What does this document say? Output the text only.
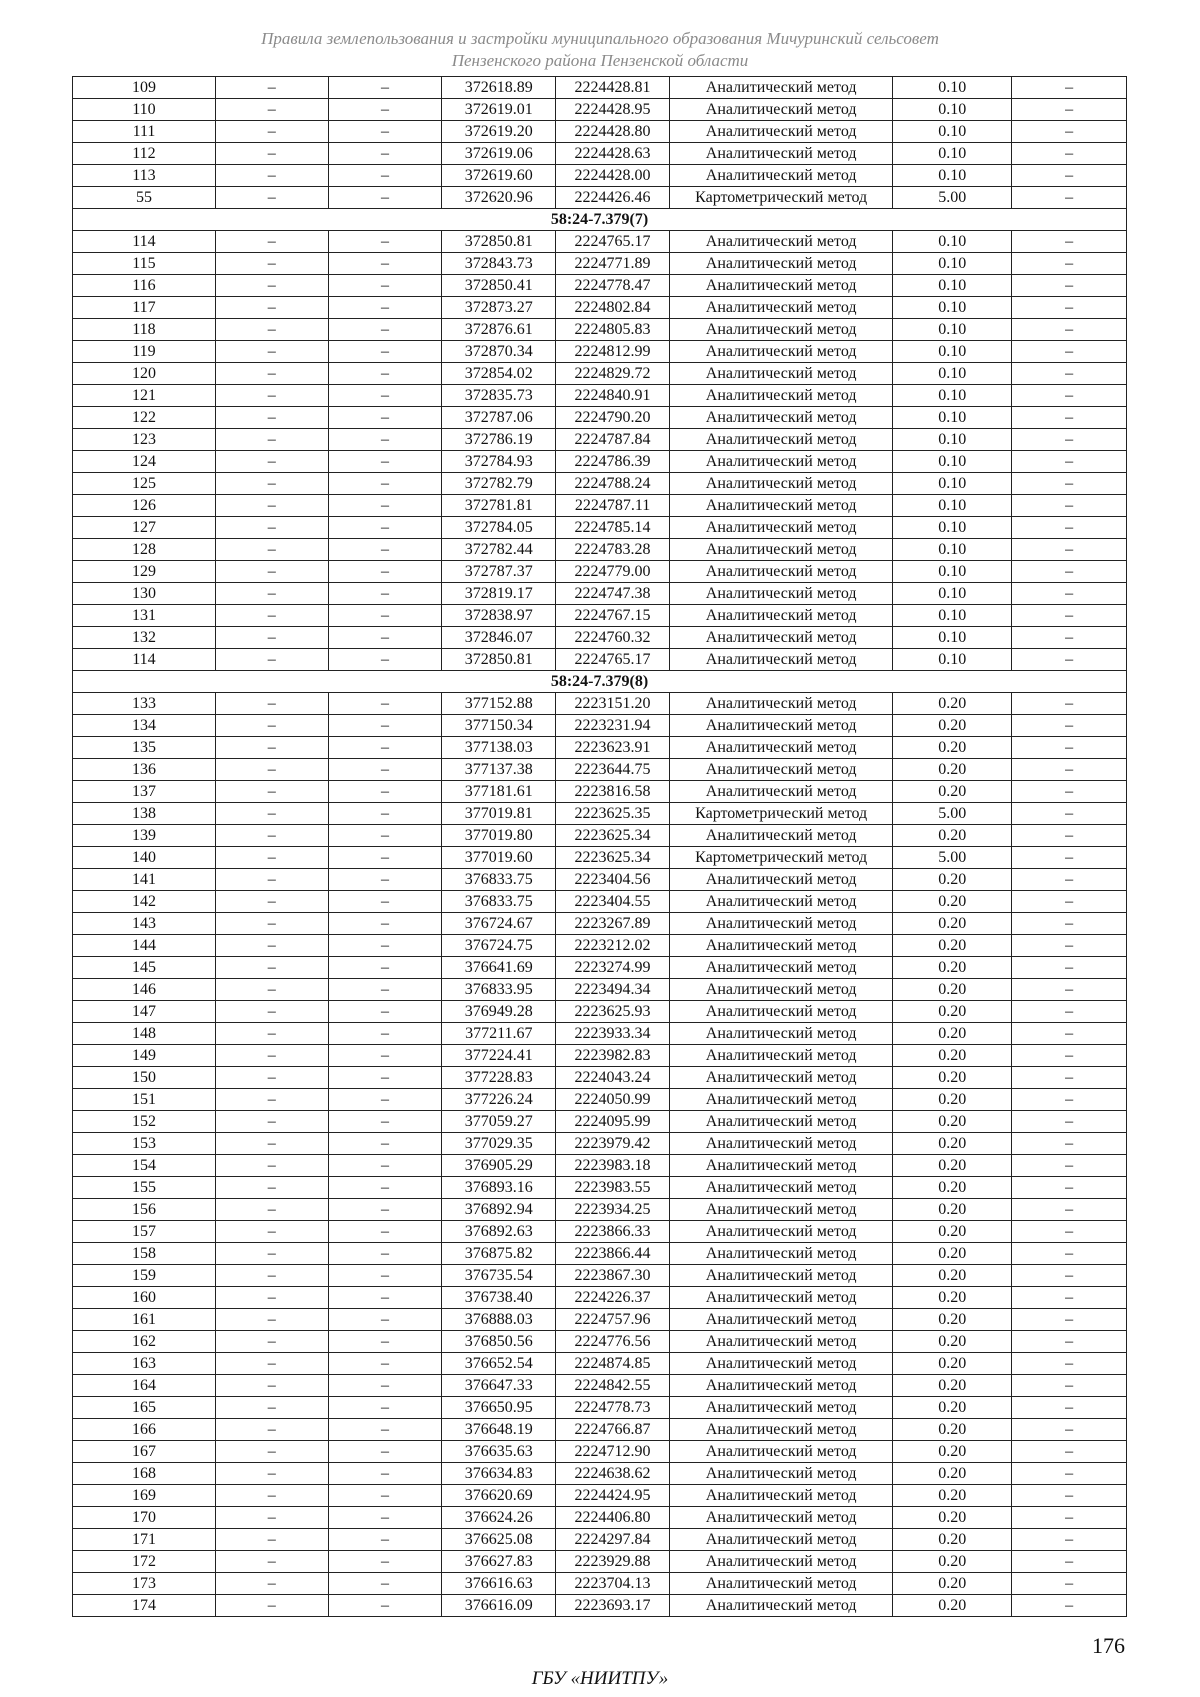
Правила землепользования и застройки муниципального образования Мичуринский сельсовет
Пензенского района Пензенской области
109	–	–	372618.89	2224428.81	Аналитический метод	0.10	–
110	–	–	372619.01	2224428.95	Аналитический метод	0.10	–
111	–	–	372619.20	2224428.80	Аналитический метод	0.10	–
112	–	–	372619.06	2224428.63	Аналитический метод	0.10	–
113	–	–	372619.60	2224428.00	Аналитический метод	0.10	–
55	–	–	372620.96	2224426.46	Картометрический метод	5.00	–
58:24-7.379(7)							
114	–	–	372850.81	2224765.17	Аналитический метод	0.10	–
115	–	–	372843.73	2224771.89	Аналитический метод	0.10	–
116	–	–	372850.41	2224778.47	Аналитический метод	0.10	–
117	–	–	372873.27	2224802.84	Аналитический метод	0.10	–
118	–	–	372876.61	2224805.83	Аналитический метод	0.10	–
119	–	–	372870.34	2224812.99	Аналитический метод	0.10	–
120	–	–	372854.02	2224829.72	Аналитический метод	0.10	–
121	–	–	372835.73	2224840.91	Аналитический метод	0.10	–
122	–	–	372787.06	2224790.20	Аналитический метод	0.10	–
123	–	–	372786.19	2224787.84	Аналитический метод	0.10	–
124	–	–	372784.93	2224786.39	Аналитический метод	0.10	–
125	–	–	372782.79	2224788.24	Аналитический метод	0.10	–
126	–	–	372781.81	2224787.11	Аналитический метод	0.10	–
127	–	–	372784.05	2224785.14	Аналитический метод	0.10	–
128	–	–	372782.44	2224783.28	Аналитический метод	0.10	–
129	–	–	372787.37	2224779.00	Аналитический метод	0.10	–
130	–	–	372819.17	2224747.38	Аналитический метод	0.10	–
131	–	–	372838.97	2224767.15	Аналитический метод	0.10	–
132	–	–	372846.07	2224760.32	Аналитический метод	0.10	–
114	–	–	372850.81	2224765.17	Аналитический метод	0.10	–
58:24-7.379(8)							
133	–	–	377152.88	2223151.20	Аналитический метод	0.20	–
134	–	–	377150.34	2223231.94	Аналитический метод	0.20	–
135	–	–	377138.03	2223623.91	Аналитический метод	0.20	–
136	–	–	377137.38	2223644.75	Аналитический метод	0.20	–
137	–	–	377181.61	2223816.58	Аналитический метод	0.20	–
138	–	–	377019.81	2223625.35	Картометрический метод	5.00	–
139	–	–	377019.80	2223625.34	Аналитический метод	0.20	–
140	–	–	377019.60	2223625.34	Картометрический метод	5.00	–
141	–	–	376833.75	2223404.56	Аналитический метод	0.20	–
142	–	–	376833.75	2223404.55	Аналитический метод	0.20	–
143	–	–	376724.67	2223267.89	Аналитический метод	0.20	–
144	–	–	376724.75	2223212.02	Аналитический метод	0.20	–
145	–	–	376641.69	2223274.99	Аналитический метод	0.20	–
146	–	–	376833.95	2223494.34	Аналитический метод	0.20	–
147	–	–	376949.28	2223625.93	Аналитический метод	0.20	–
148	–	–	377211.67	2223933.34	Аналитический метод	0.20	–
149	–	–	377224.41	2223982.83	Аналитический метод	0.20	–
150	–	–	377228.83	2224043.24	Аналитический метод	0.20	–
151	–	–	377226.24	2224050.99	Аналитический метод	0.20	–
152	–	–	377059.27	2224095.99	Аналитический метод	0.20	–
153	–	–	377029.35	2223979.42	Аналитический метод	0.20	–
154	–	–	376905.29	2223983.18	Аналитический метод	0.20	–
155	–	–	376893.16	2223983.55	Аналитический метод	0.20	–
156	–	–	376892.94	2223934.25	Аналитический метод	0.20	–
157	–	–	376892.63	2223866.33	Аналитический метод	0.20	–
158	–	–	376875.82	2223866.44	Аналитический метод	0.20	–
159	–	–	376735.54	2223867.30	Аналитический метод	0.20	–
160	–	–	376738.40	2224226.37	Аналитический метод	0.20	–
161	–	–	376888.03	2224757.96	Аналитический метод	0.20	–
162	–	–	376850.56	2224776.56	Аналитический метод	0.20	–
163	–	–	376652.54	2224874.85	Аналитический метод	0.20	–
164	–	–	376647.33	2224842.55	Аналитический метод	0.20	–
165	–	–	376650.95	2224778.73	Аналитический метод	0.20	–
166	–	–	376648.19	2224766.87	Аналитический метод	0.20	–
167	–	–	376635.63	2224712.90	Аналитический метод	0.20	–
168	–	–	376634.83	2224638.62	Аналитический метод	0.20	–
169	–	–	376620.69	2224424.95	Аналитический метод	0.20	–
170	–	–	376624.26	2224406.80	Аналитический метод	0.20	–
171	–	–	376625.08	2224297.84	Аналитический метод	0.20	–
172	–	–	376627.83	2223929.88	Аналитический метод	0.20	–
173	–	–	376616.63	2223704.13	Аналитический метод	0.20	–
174	–	–	376616.09	2223693.17	Аналитический метод	0.20	–
176
ГБУ «НИИТПУ»
